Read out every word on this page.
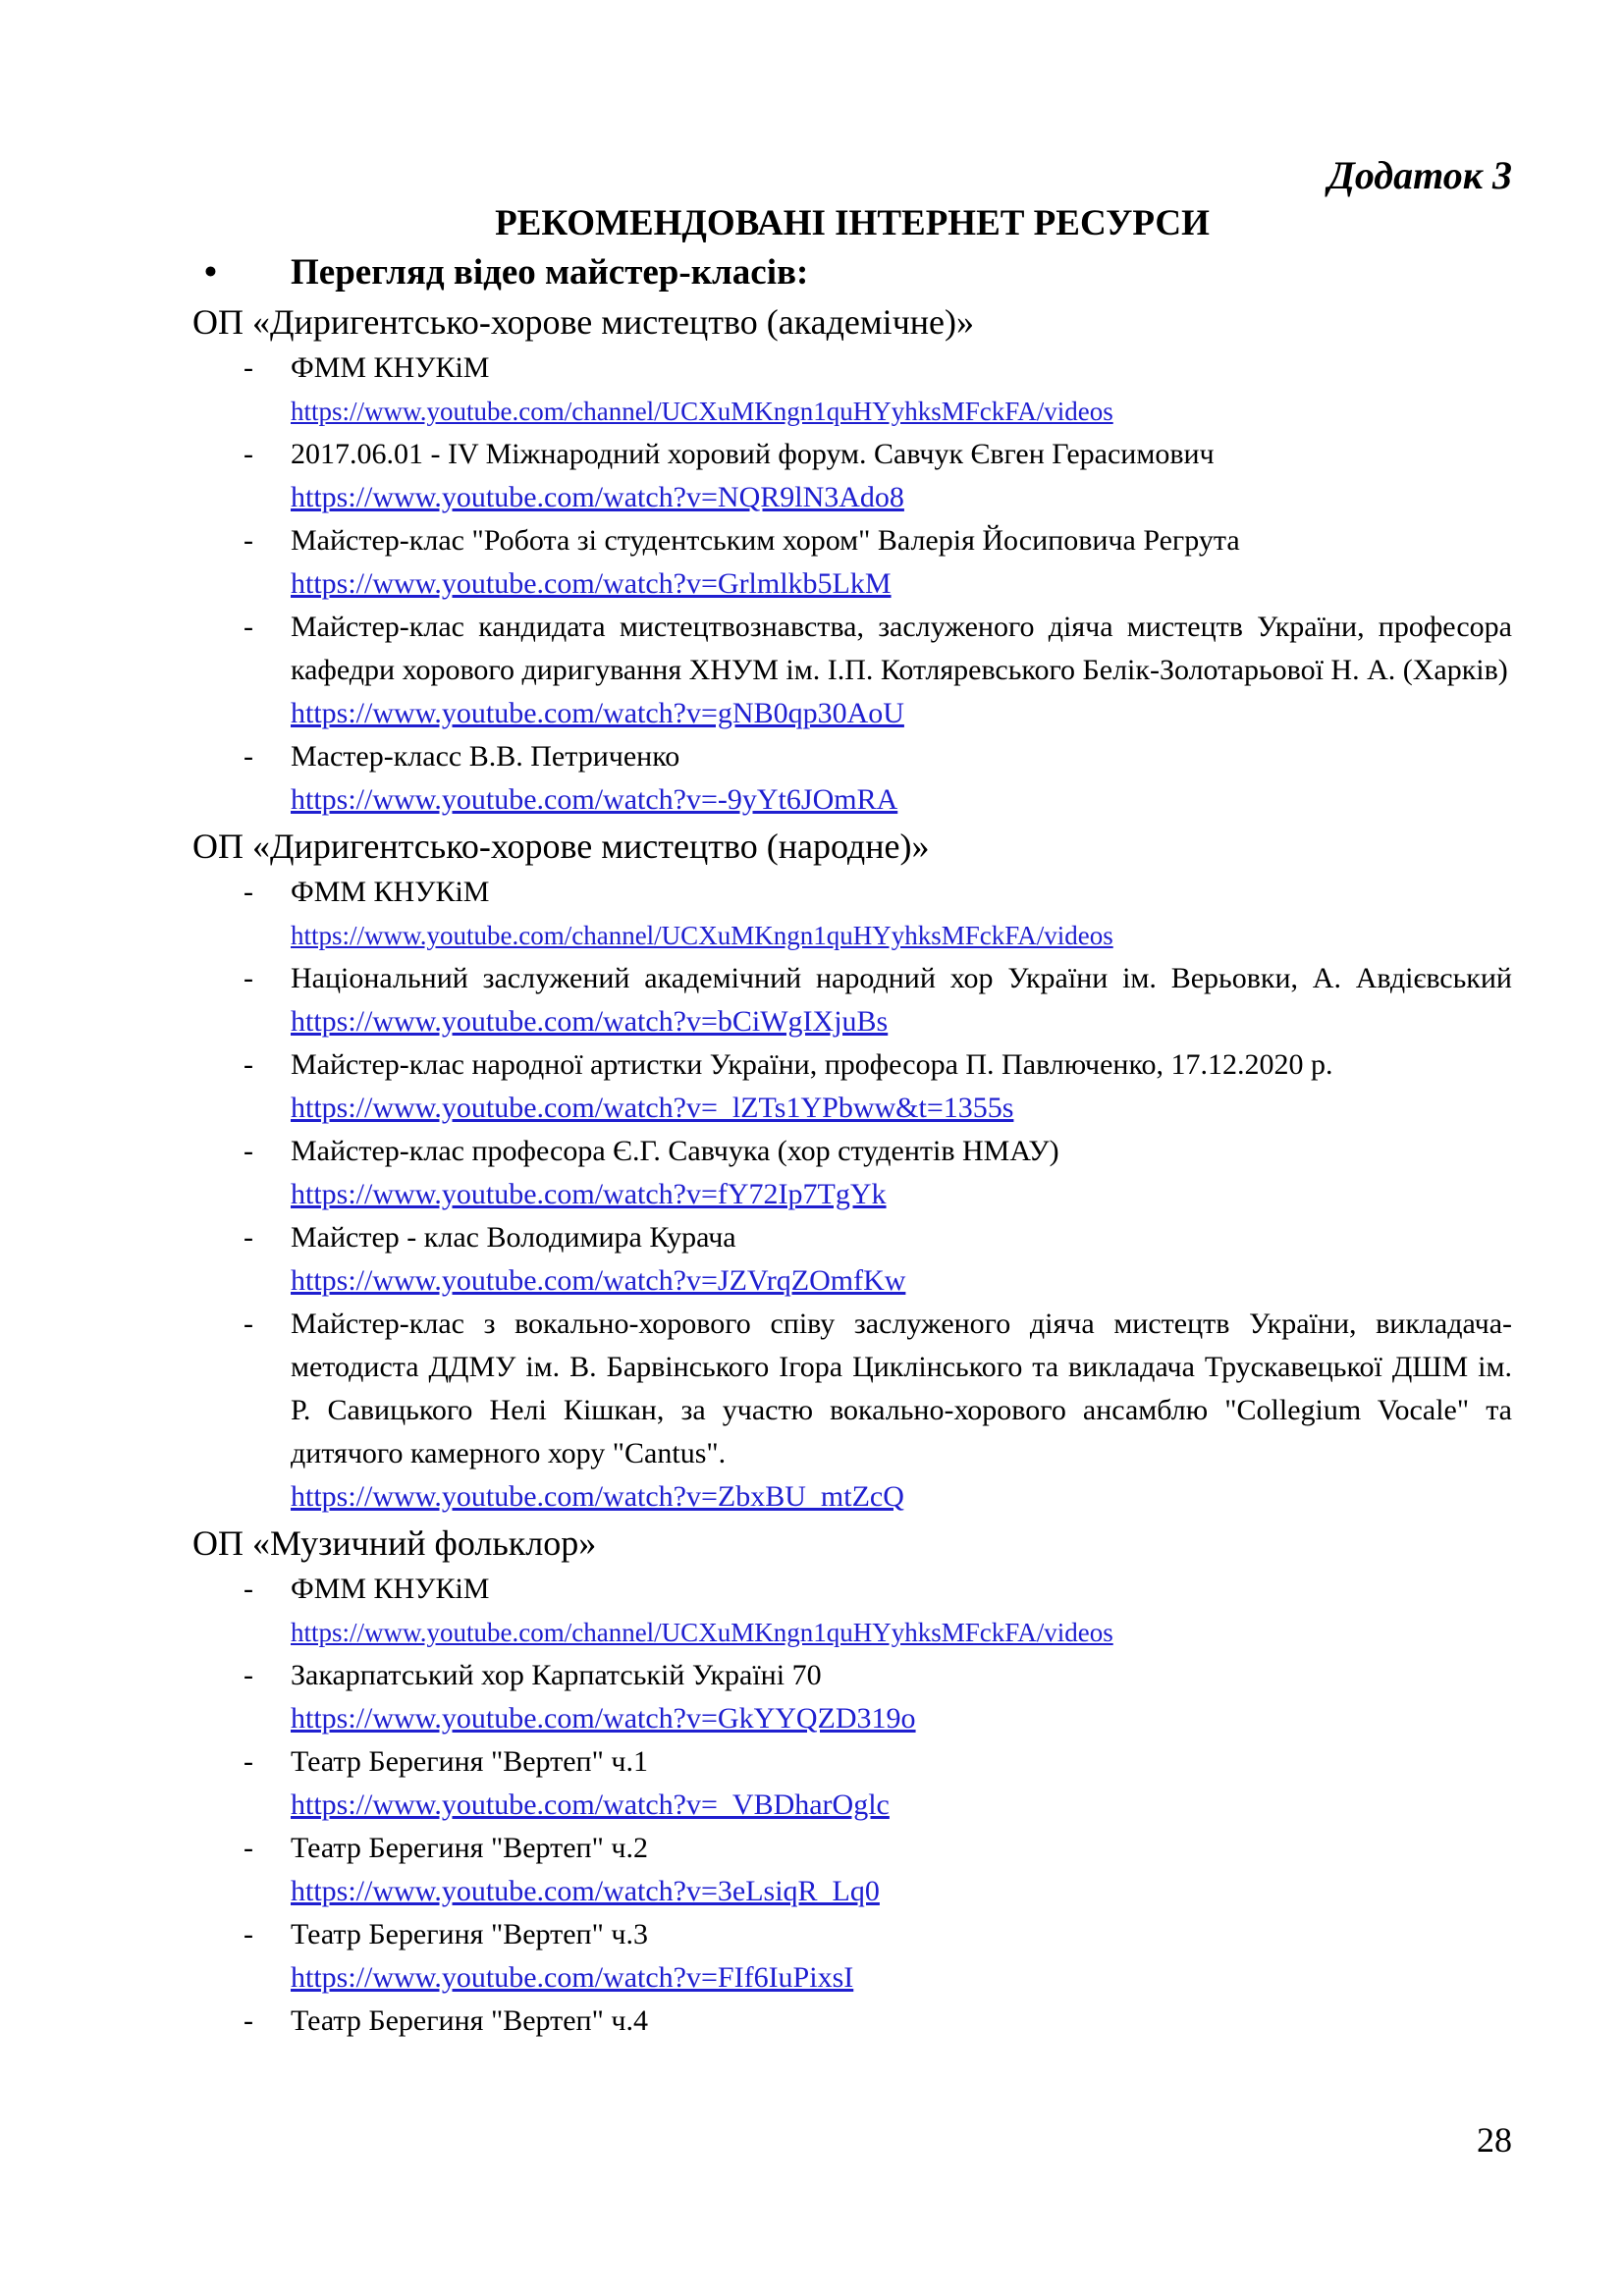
Додаток 3
РЕКОМЕНДОВАНІ ІНТЕРНЕТ РЕСУРСИ
•	Перегляд відео майстер-класів:
ОП «Диригентсько-хорове мистецтво (академічне)»
- ФММ КНУКіМ
https://www.youtube.com/channel/UCXuMKngn1quHYyhksMFckFA/videos
- 2017.06.01 - IV Міжнародний хоровий форум. Савчук Євген Герасимович
https://www.youtube.com/watch?v=NQR9lN3Ado8
- Майстер-клас "Робота зі студентським хором" Валерія Йосиповича Регрута
https://www.youtube.com/watch?v=Grlmlkb5LkM
- Майстер-клас кандидата мистецтвознавства, заслуженого діяча мистецтв України, професора кафедри хорового диригування ХНУМ ім. І.П. Котляревського Белік-Золотарьової Н. А. (Харків)
https://www.youtube.com/watch?v=gNB0qp30AoU
- Мастер-класс В.В. Петриченко
https://www.youtube.com/watch?v=-9yYt6JOmRA
ОП «Диригентсько-хорове мистецтво (народне)»
- ФММ КНУКіМ
https://www.youtube.com/channel/UCXuMKngn1quHYyhksMFckFA/videos
- Національний заслужений академічний народний хор України ім. Верьовки, А. Авдієвський https://www.youtube.com/watch?v=bCiWgIXjuBs
- Майстер-клас народної артистки України, професора П. Павлюченко, 17.12.2020 р.
https://www.youtube.com/watch?v=_lZTs1YPbww&t=1355s
- Майстер-клас професора Є.Г. Савчука (хор студентів НМАУ)
https://www.youtube.com/watch?v=fY72Ip7TgYk
- Майстер - клас Володимира Курача
https://www.youtube.com/watch?v=JZVrqZOmfKw
- Майстер-клас з вокально-хорового співу заслуженого діяча мистецтв України, викладача-методиста ДДМУ ім. В. Барвінського Ігора Циклінського та викладача Трускавецької ДШМ ім. Р. Савицького Нелі Кішкан, за участю вокально-хорового ансамблю "Collegium Vocale" та дитячого камерного хору "Cantus".
https://www.youtube.com/watch?v=ZbxBU_mtZcQ
ОП «Музичний фольклор»
- ФММ КНУКіМ
https://www.youtube.com/channel/UCXuMKngn1quHYyhksMFckFA/videos
- Закарпатський хор Карпатській Україні 70
https://www.youtube.com/watch?v=GkYYQZD319o
- Театр Берегиня "Вертеп" ч.1
https://www.youtube.com/watch?v=_VBDharOglc
- Театр Берегиня "Вертеп" ч.2
https://www.youtube.com/watch?v=3eLsiqR_Lq0
- Театр Берегиня "Вертеп" ч.3
https://www.youtube.com/watch?v=FIf6IuPixsI
- Театр Берегиня "Вертеп" ч.4
28
